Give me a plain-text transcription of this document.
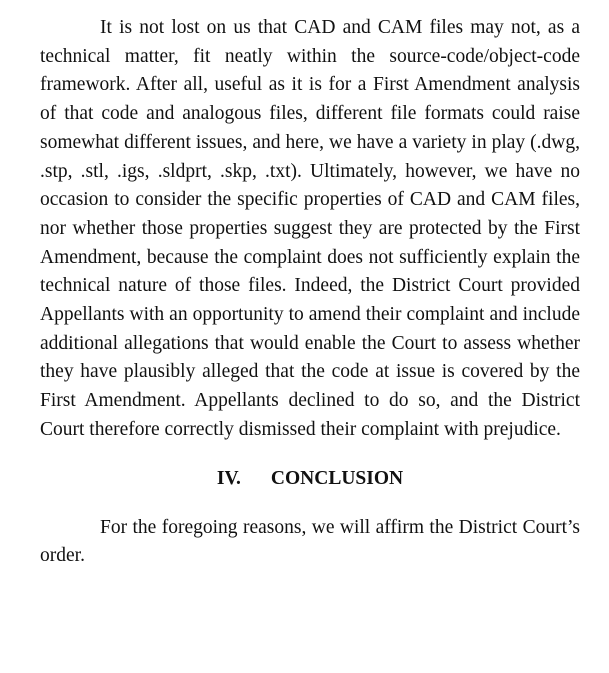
It is not lost on us that CAD and CAM files may not, as a technical matter, fit neatly within the source-code/object-code framework. After all, useful as it is for a First Amendment analysis of that code and analogous files, different file formats could raise somewhat different issues, and here, we have a variety in play (.dwg, .stp, .stl, .igs, .sldprt, .skp, .txt). Ultimately, however, we have no occasion to consider the specific properties of CAD and CAM files, nor whether those properties suggest they are protected by the First Amendment, because the complaint does not sufficiently explain the technical nature of those files. Indeed, the District Court provided Appellants with an opportunity to amend their complaint and include additional allegations that would enable the Court to assess whether they have plausibly alleged that the code at issue is covered by the First Amendment. Appellants declined to do so, and the District Court therefore correctly dismissed their complaint with prejudice.

IV. CONCLUSION

For the foregoing reasons, we will affirm the District Court’s order.
